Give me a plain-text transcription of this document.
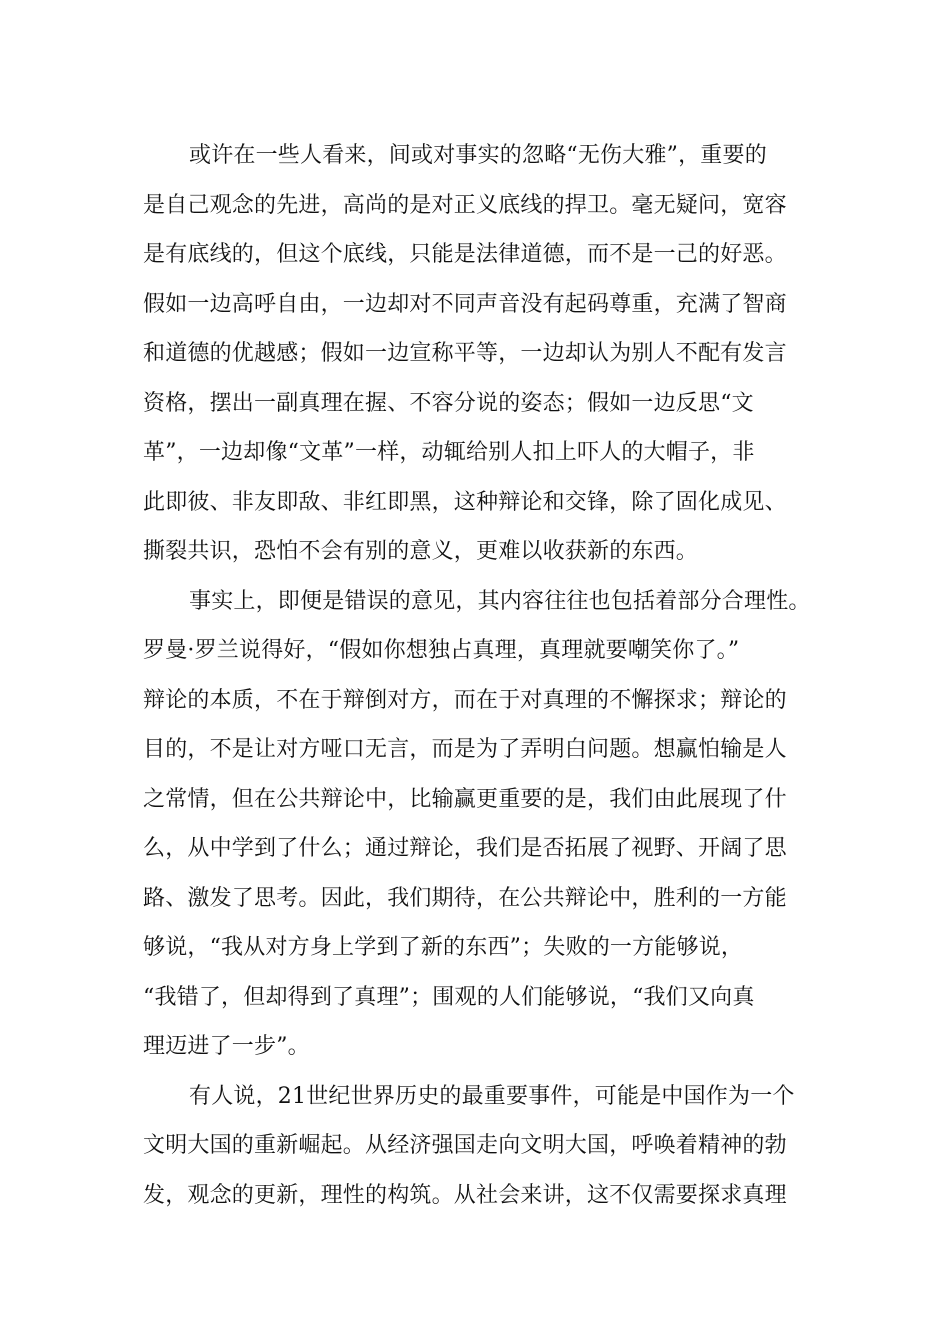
或许在一些人看来，间或对事实的忽略“无伤大雅”，重要的
是自己观念的先进，高尚的是对正义底线的捍卫。毫无疑问，宽容
是有底线的，但这个底线，只能是法律道德，而不是一己的好恶。
假如一边高呼自由，一边却对不同声音没有起码尊重，充满了智商
和道德的优越感；假如一边宣称平等，一边却认为别人不配有发言
资格，摆出一副真理在握、不容分说的姿态；假如一边反思“文
革”，一边却像“文革”一样，动辄给别人扣上吓人的大帽子，非
此即彼、非友即敌、非红即黑，这种辩论和交锋，除了固化成见、
撕裂共识，恐怕不会有别的意义，更难以收获新的东西。
事实上，即便是错误的意见，其内容往往也包括着部分合理性。
罗曼·罗兰说得好，“假如你想独占真理，真理就要嘲笑你了。”
辩论的本质，不在于辩倒对方，而在于对真理的不懈探求；辩论的
目的，不是让对方哑口无言，而是为了弄明白问题。想赢怕输是人
之常情，但在公共辩论中，比输赢更重要的是，我们由此展现了什
么，从中学到了什么；通过辩论，我们是否拓展了视野、开阔了思
路、激发了思考。因此，我们期待，在公共辩论中，胜利的一方能
够说，“我从对方身上学到了新的东西”；失败的一方能够说，
“我错了，但却得到了真理”；围观的人们能够说，“我们又向真
理迈进了一步”。
有人说，21世纪世界历史的最重要事件，可能是中国作为一个
文明大国的重新崛起。从经济强国走向文明大国，呼唤着精神的勃
发，观念的更新，理性的构筑。从社会来讲，这不仅需要探求真理
